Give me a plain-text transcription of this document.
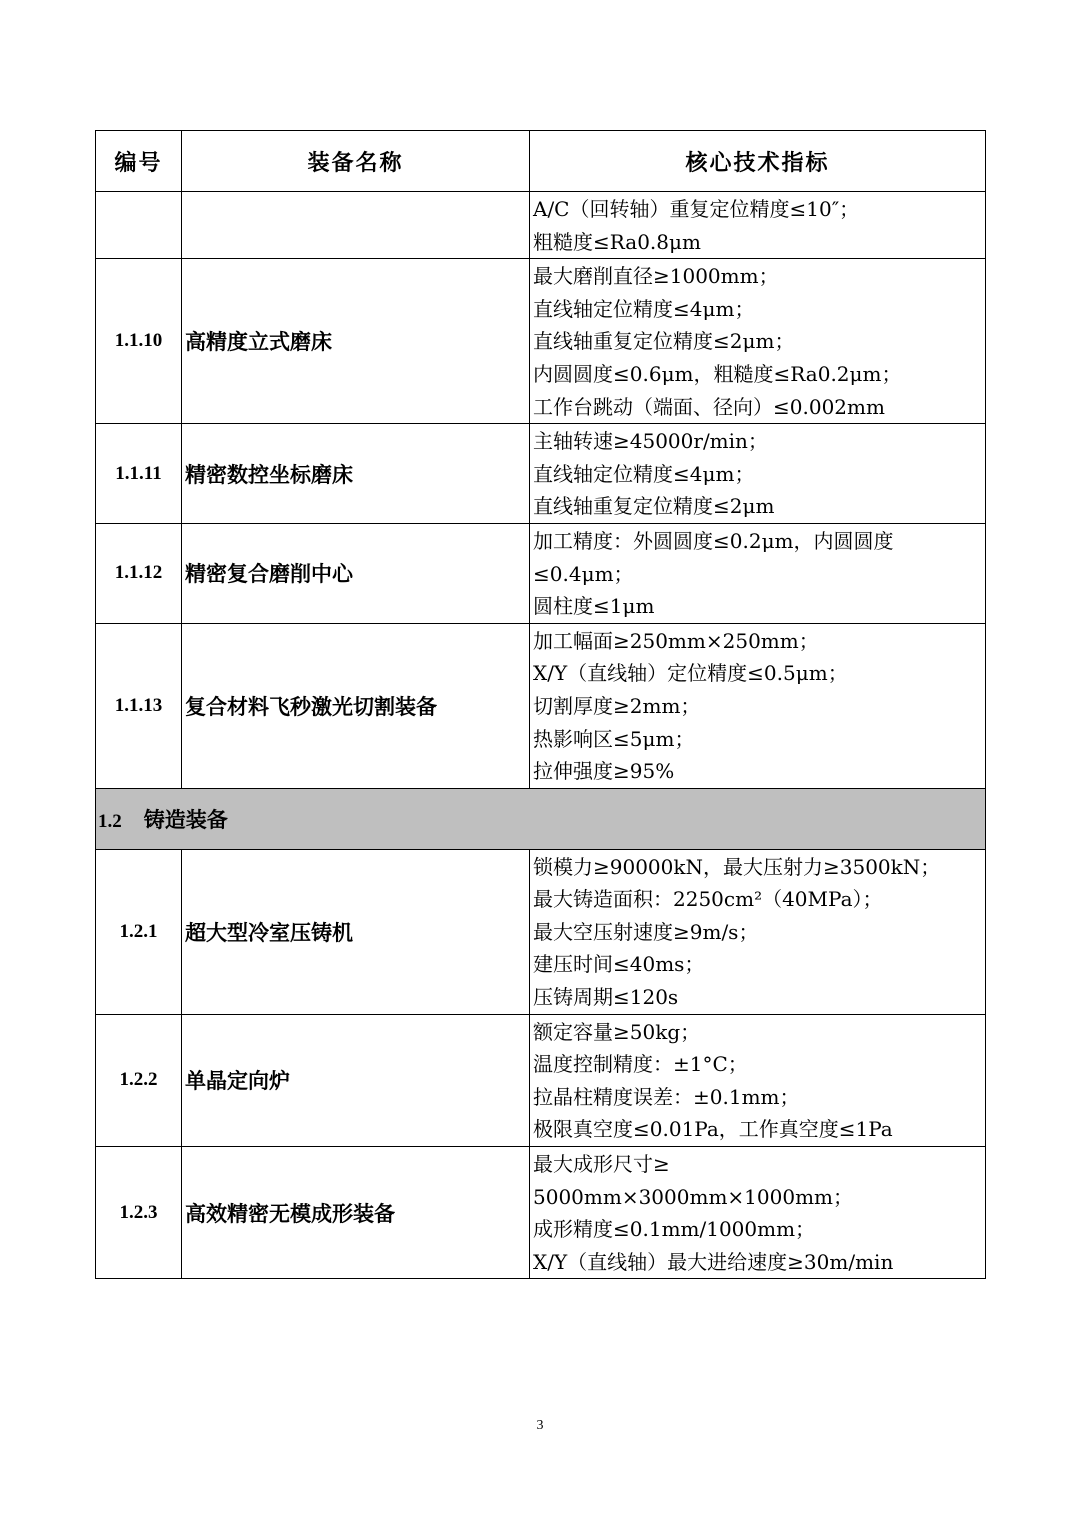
编号	装备名称	核心技术指标

		A/C（回转轴）重复定位精度≤10″；
粗糙度≤Ra0.8μm

1.1.10	高精度立式磨床	最大磨削直径≥1000mm；
直线轴定位精度≤4μm；
直线轴重复定位精度≤2μm；
内圆圆度≤0.6μm，粗糙度≤Ra0.2μm；
工作台跳动（端面、径向）≤0.002mm

1.1.11	精密数控坐标磨床	主轴转速≥45000r/min；
直线轴定位精度≤4μm；
直线轴重复定位精度≤2μm

1.1.12	精密复合磨削中心	加工精度：外圆圆度≤0.2μm，内圆圆度
≤0.4μm；
圆柱度≤1μm

1.1.13	复合材料飞秒激光切割装备	加工幅面≥250mm×250mm；
X/Y（直线轴）定位精度≤0.5μm；
切割厚度≥2mm；
热影响区≤5μm；
拉伸强度≥95%

1.2 铸造装备		
1.2.1	超大型冷室压铸机	锁模力≥90000kN，最大压射力≥3500kN；
最大铸造面积：2250cm²（40MPa）；
最大空压射速度≥9m/s；
建压时间≤40ms；
压铸周期≤120s

1.2.2	单晶定向炉	额定容量≥50kg；
温度控制精度：±1°C；
拉晶柱精度误差：±0.1mm；
极限真空度≤0.01Pa，工作真空度≤1Pa

1.2.3	高效精密无模成形装备	最大成形尺寸≥
5000mm×3000mm×1000mm；
成形精度≤0.1mm/1000mm；
X/Y（直线轴）最大进给速度≥30m/min
3
